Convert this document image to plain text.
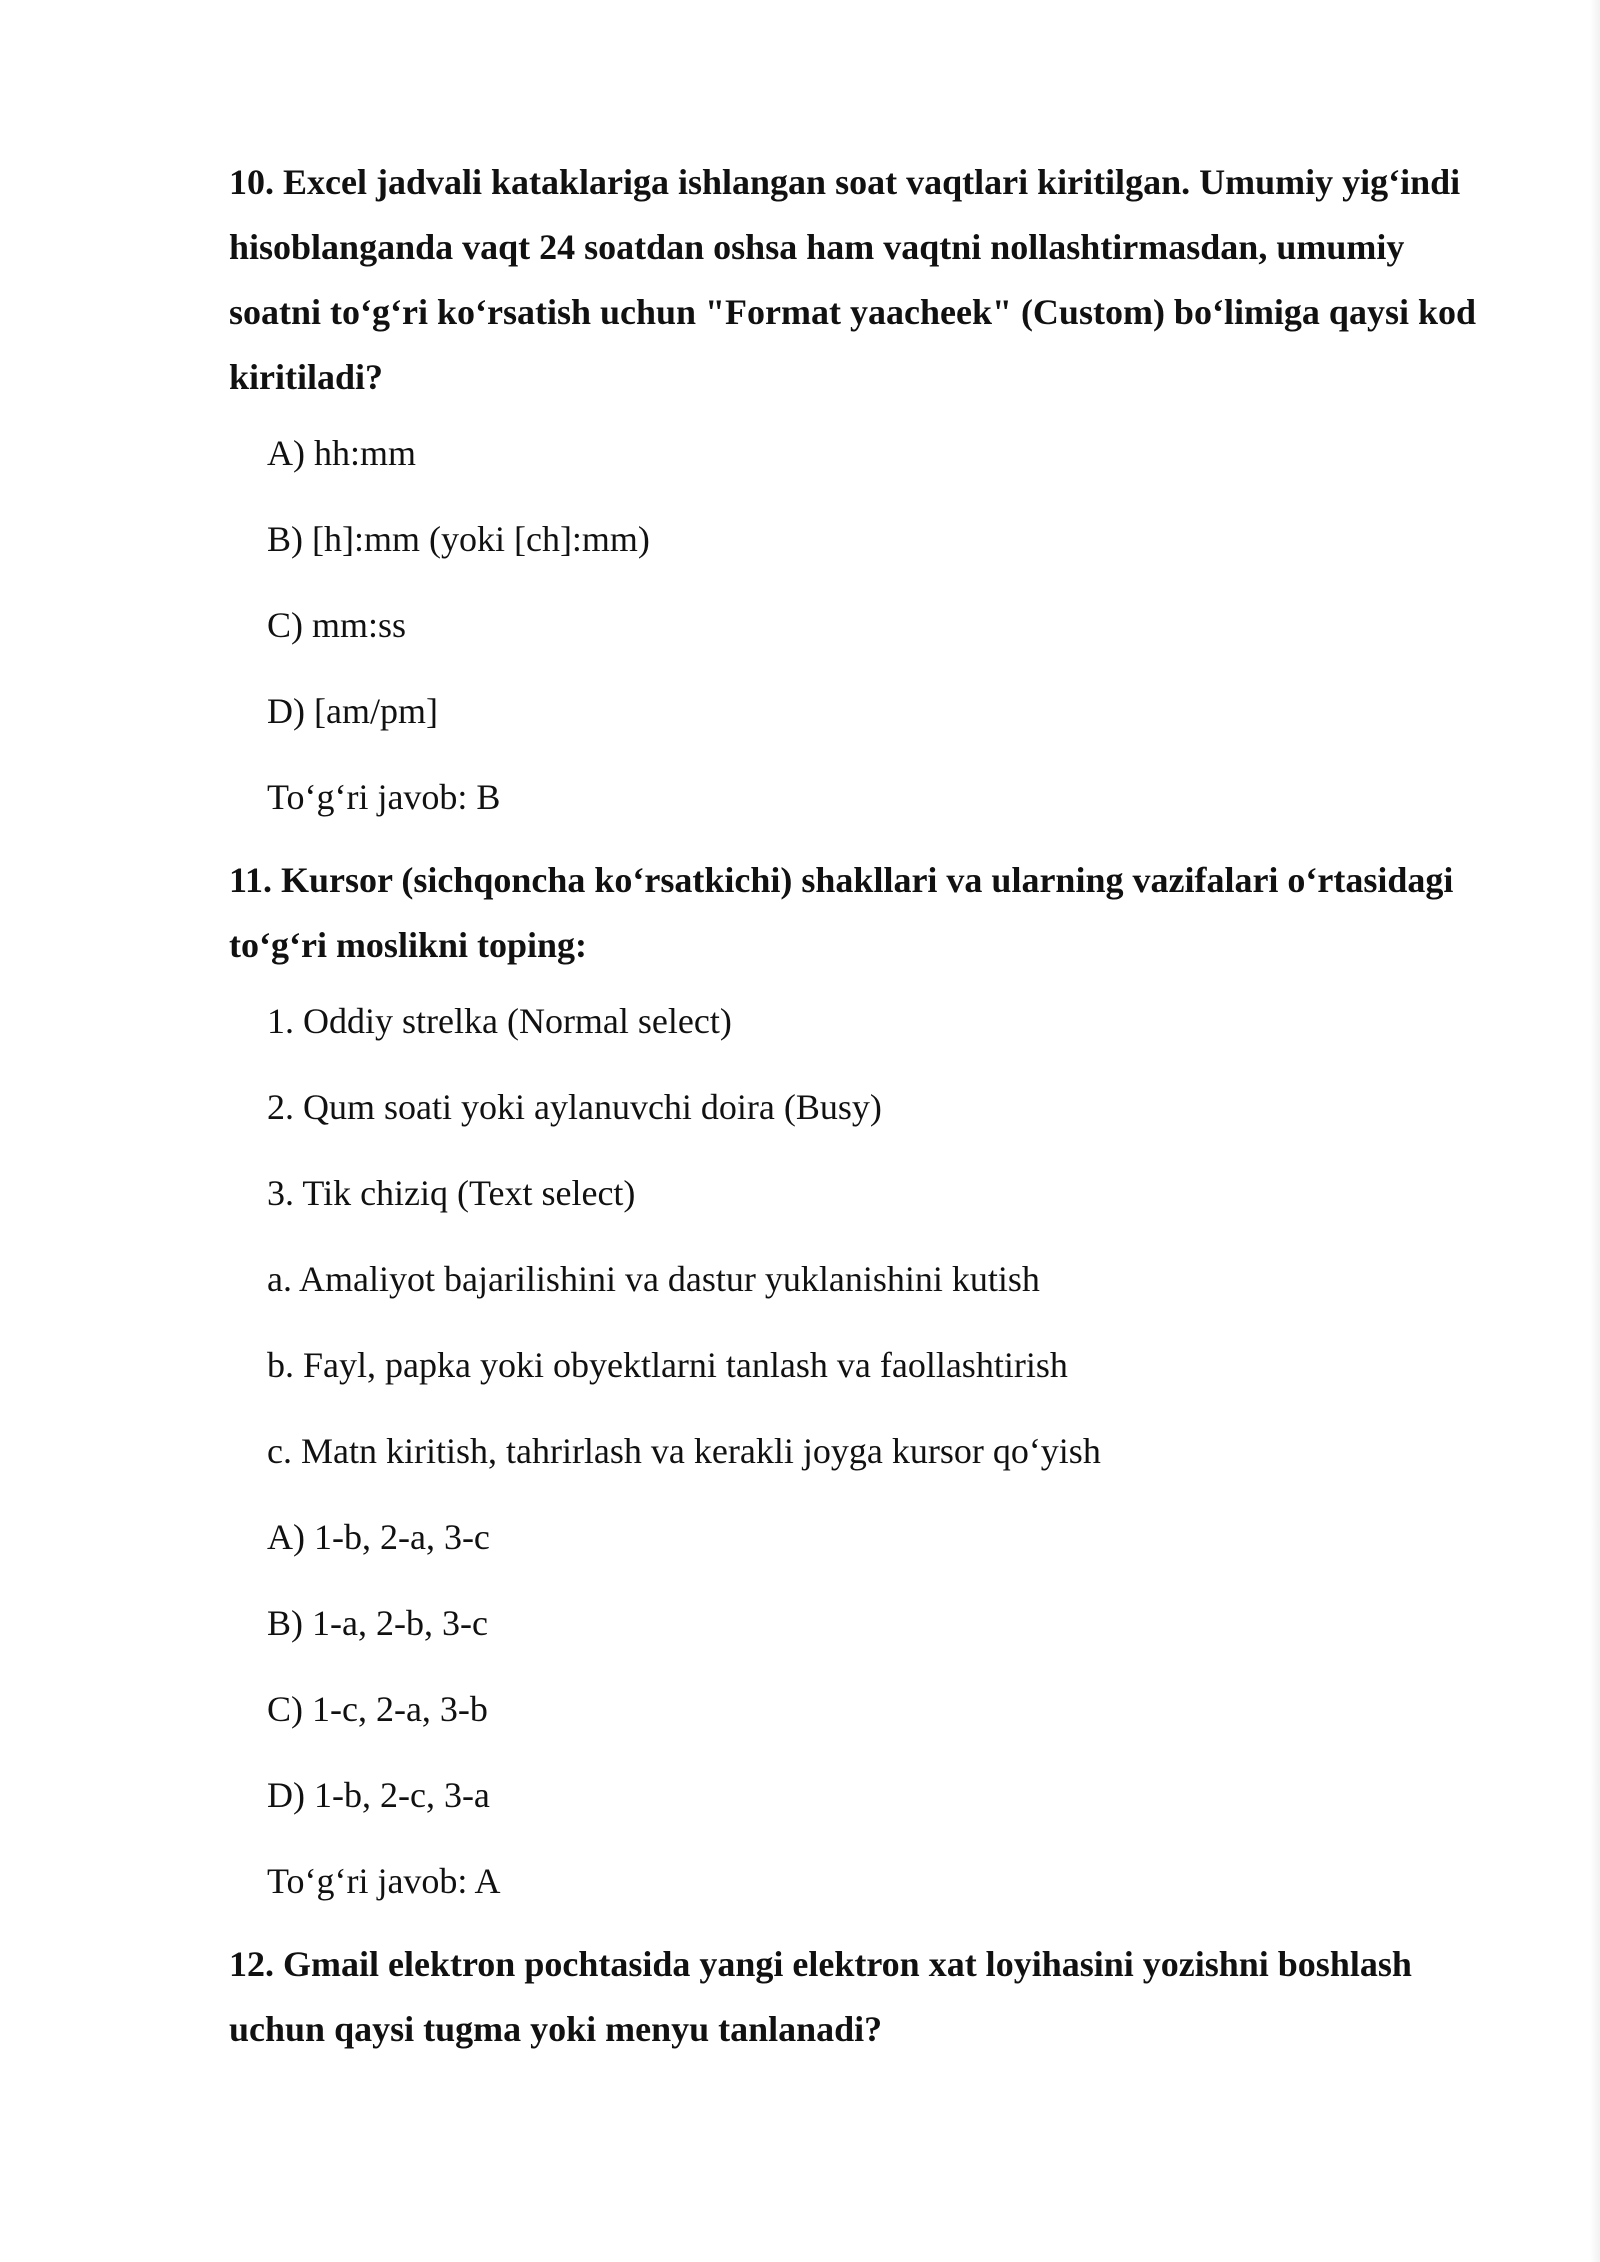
10. Excel jadvali kataklariga ishlangan soat vaqtlari kiritilgan. Umumiy yig‘indi hisoblanganda vaqt 24 soatdan oshsa ham vaqtni nollashtirmasdan, umumiy soatni to‘g‘ri ko‘rsatish uchun "Format yaacheek" (Custom) bo‘limiga qaysi kod kiritiladi?
A) hh:mm
B) [h]:mm (yoki [ch]:mm)
C) mm:ss
D) [am/pm]
To‘g‘ri javob: B
11. Kursor (sichqoncha ko‘rsatkichi) shakllari va ularning vazifalari o‘rtasidagi to‘g‘ri moslikni toping:
1. Oddiy strelka (Normal select)
2. Qum soati yoki aylanuvchi doira (Busy)
3. Tik chiziq (Text select)
a. Amaliyot bajarilishini va dastur yuklanishini kutish
b. Fayl, papka yoki obyektlarni tanlash va faollashtirish
c. Matn kiritish, tahrirlash va kerakli joyga kursor qo‘yish
A) 1-b, 2-a, 3-c
B) 1-a, 2-b, 3-c
C) 1-c, 2-a, 3-b
D) 1-b, 2-c, 3-a
To‘g‘ri javob: A
12. Gmail elektron pochtasida yangi elektron xat loyihasini yozishni boshlash uchun qaysi tugma yoki menyu tanlanadi?
